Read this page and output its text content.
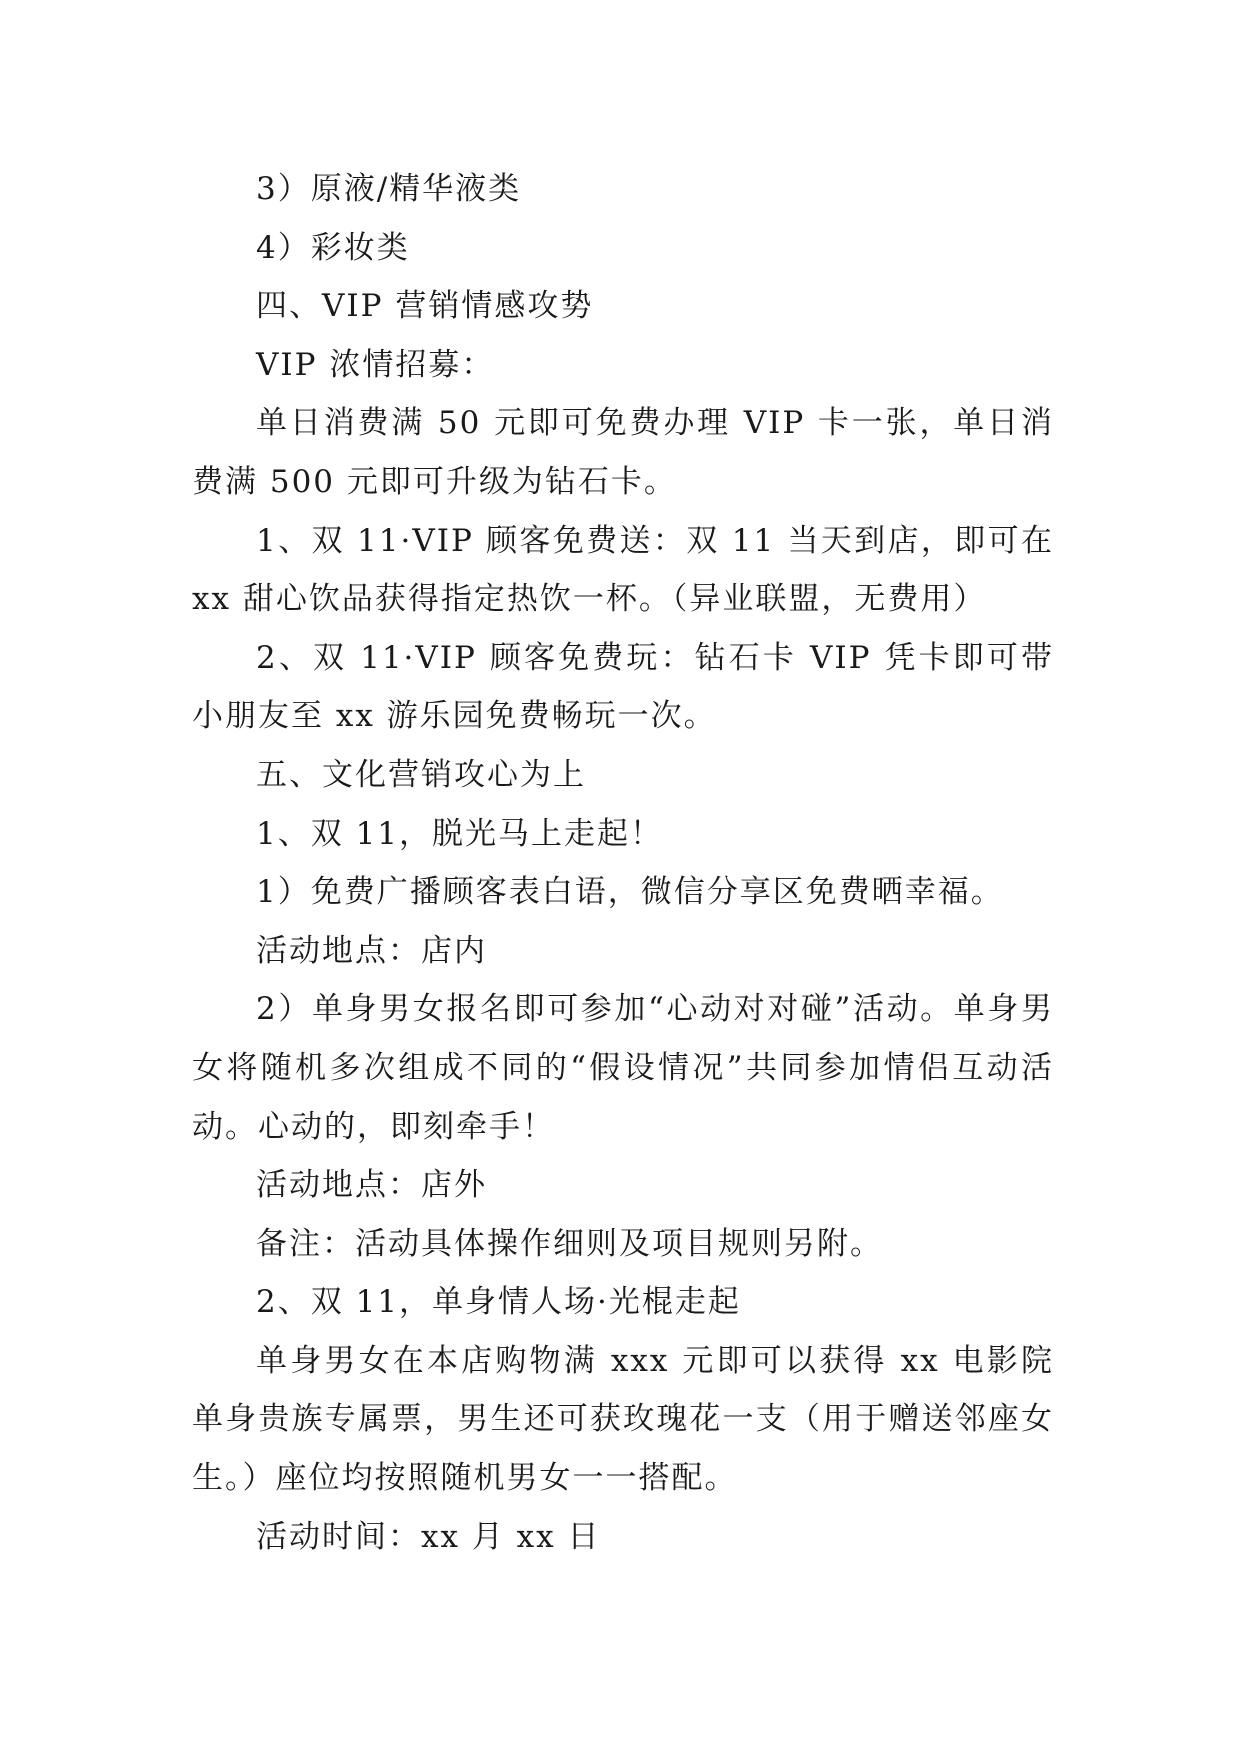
3）原液/精华液类

4）彩妆类

四、VIP 营销情感攻势

VIP 浓情招募：

单日消费满 50 元即可免费办理 VIP 卡一张，单日消费满 500 元即可升级为钻石卡。

1、双 11·VIP 顾客免费送：双 11 当天到店，即可在 xx 甜心饮品获得指定热饮一杯。（异业联盟，无费用）

2、双 11·VIP 顾客免费玩：钻石卡 VIP 凭卡即可带小朋友至 xx 游乐园免费畅玩一次。

五、文化营销攻心为上

1、双 11，脱光马上走起！

1）免费广播顾客表白语，微信分享区免费晒幸福。

活动地点：店内

2）单身男女报名即可参加“心动对对碰”活动。单身男女将随机多次组成不同的“假设情况”共同参加情侣互动活动。心动的，即刻牵手！

活动地点：店外

备注：活动具体操作细则及项目规则另附。

2、双 11，单身情人场·光棍走起

单身男女在本店购物满 xxx 元即可以获得 xx 电影院单身贵族专属票，男生还可获玫瑰花一支（用于赠送邻座女生。）座位均按照随机男女一一搭配。

活动时间：xx 月 xx 日
